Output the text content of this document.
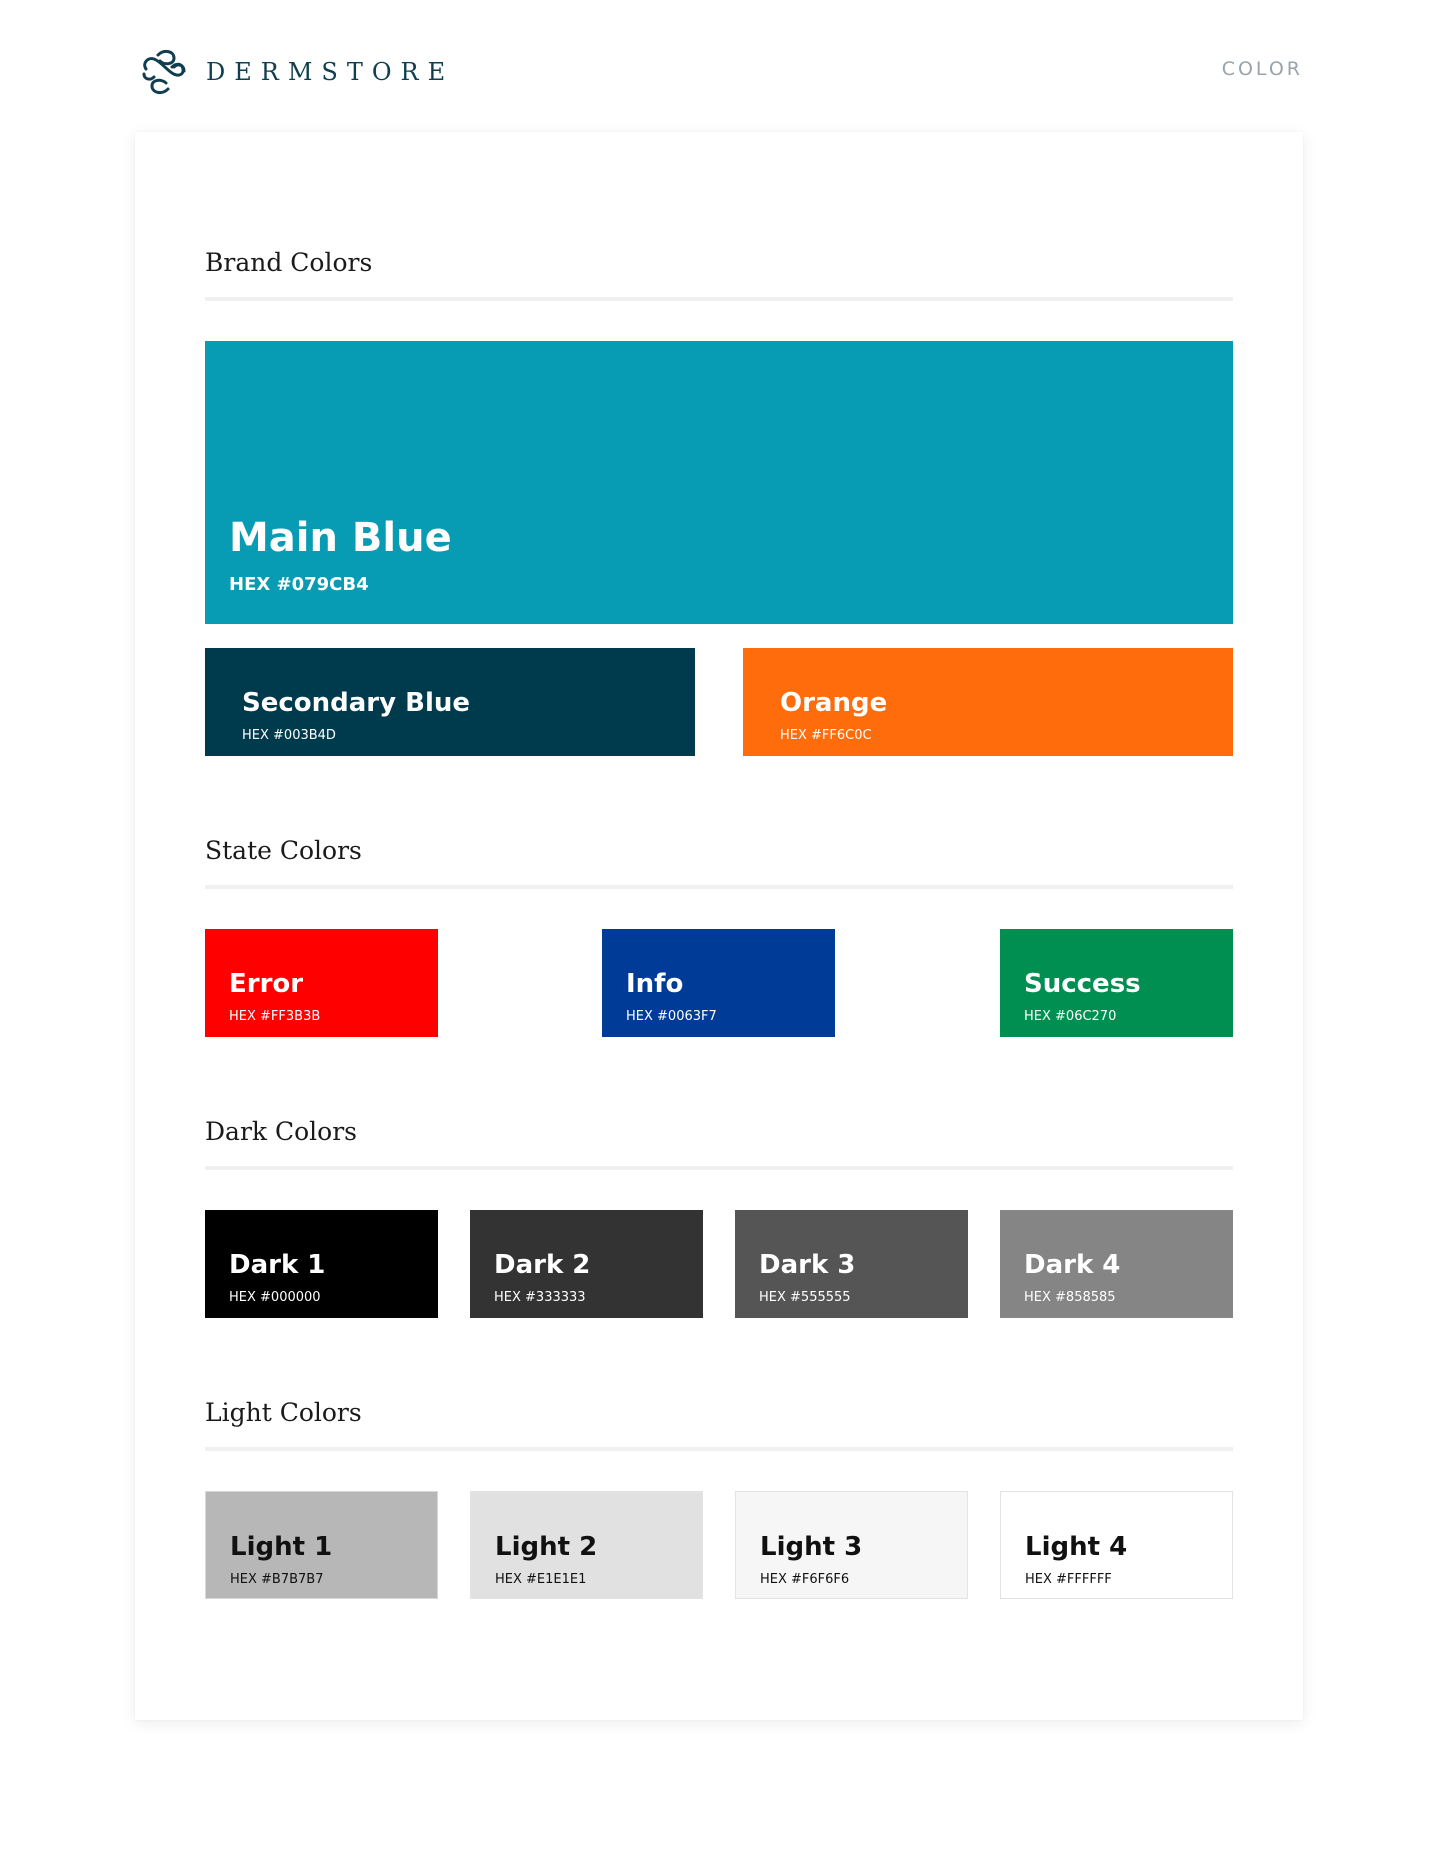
DERMSTORE	COLOR
Brand Colors
Main Blue
HEX #079CB4
Secondary Blue
HEX #003B4D
Orange
HEX #FF6C0C
State Colors
Error
HEX #FF3B3B
Info
HEX #0063F7
Success
HEX #06C270
Dark Colors
Dark 1
HEX #000000
Dark 2
HEX #333333
Dark 3
HEX #555555
Dark 4
HEX #858585
Light Colors
Light 1
HEX #B7B7B7
Light 2
HEX #E1E1E1
Light 3
HEX #F6F6F6
Light 4
HEX #FFFFFF
